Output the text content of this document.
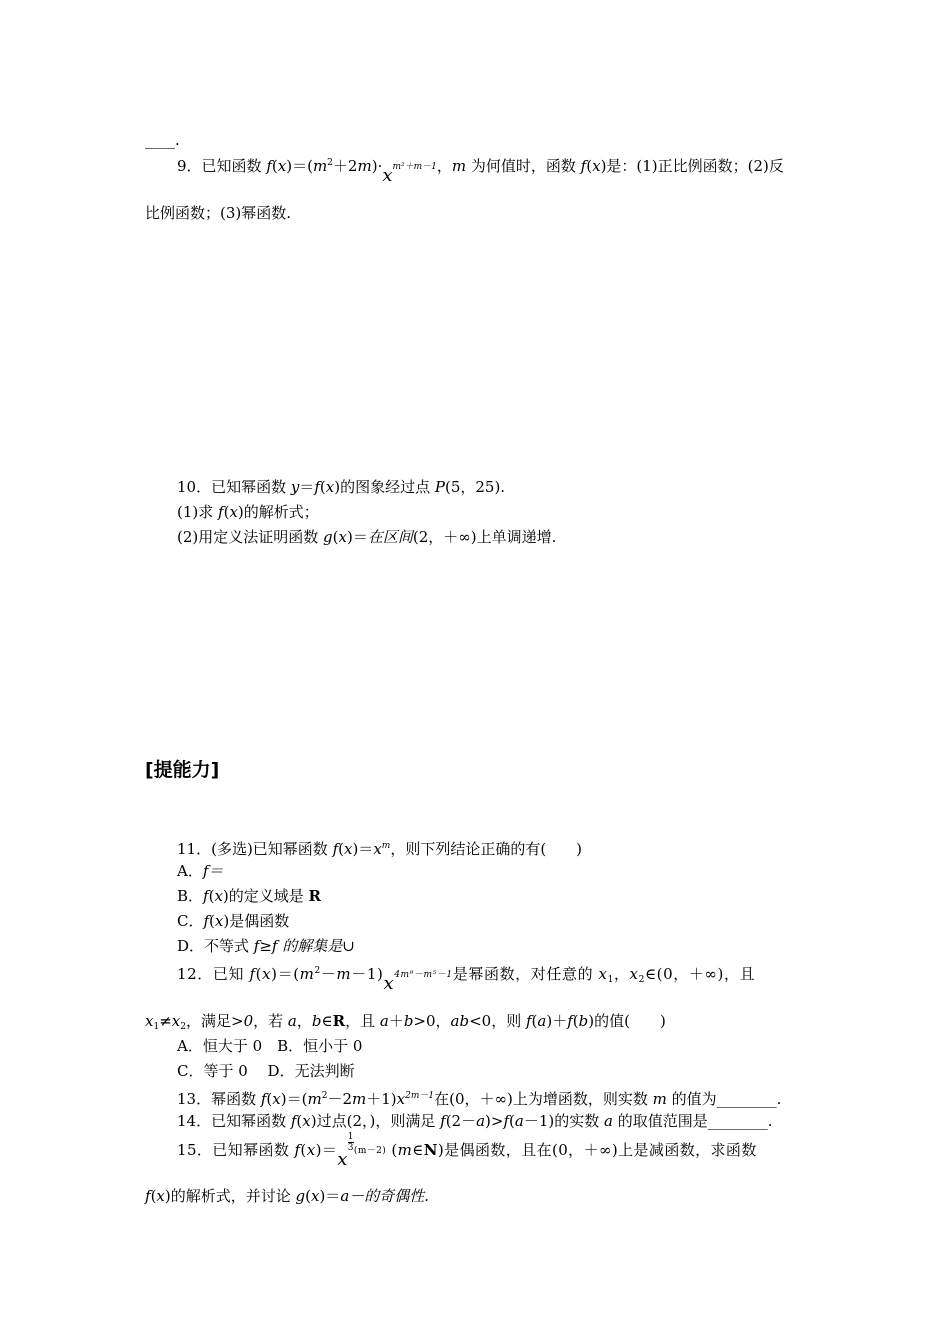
____.
9．已知函数 $f(x)=(m^2+2m)\cdot xm^2+m-1$，m 为何值时，函数 f(x)是：(1)正比例函数；(2)反
比例函数；(3)幂函数.
10．已知幂函数 y＝f(x)的图象经过点 P(5，25).
(1)求 f(x)的解析式；
(2)用定义法证明函数 g(x)＝在区间(2，＋∞)上单调递增.
[提能力]
11．(多选)已知幂函数 $f(x)=x^m$，则下列结论正确的有(　　)
A．f＝
B．f(x)的定义域是 R
C．f(x)是偶函数
D．不等式 f≥f 的解集是∪
12．已知 $f(x)=(m^2-m-1)x4m^9-m^5-1$是幂函数，对任意的 $x_1$，$x_2\in(0$，＋∞)，且
$x_1\ne x_2$，满足>0，若 a，b∈R，且 a＋b>0，ab<0，则 f(a)＋f(b)的值(　　)
A．恒大于 0　B．恒小于 0
C．等于 0　 D．无法判断
13．幂函数 $f(x)=(m^2-2m+1)x^{2m-1}$在(0，＋∞)上为增函数，则实数 m 的值为________.
14．已知幂函数 f(x)过点(2，)，则满足 f(2－a)>f(a－1)的实数 a 的取值范围是________.
15．已知幂函数 f(x)＝x
$\frac{1}{3} (m-2)$ (m∈N)是偶函数，且在(0，＋∞)上是减函数，求函数
f(x)的解析式，并讨论 g(x)＝a－的奇偶性.
